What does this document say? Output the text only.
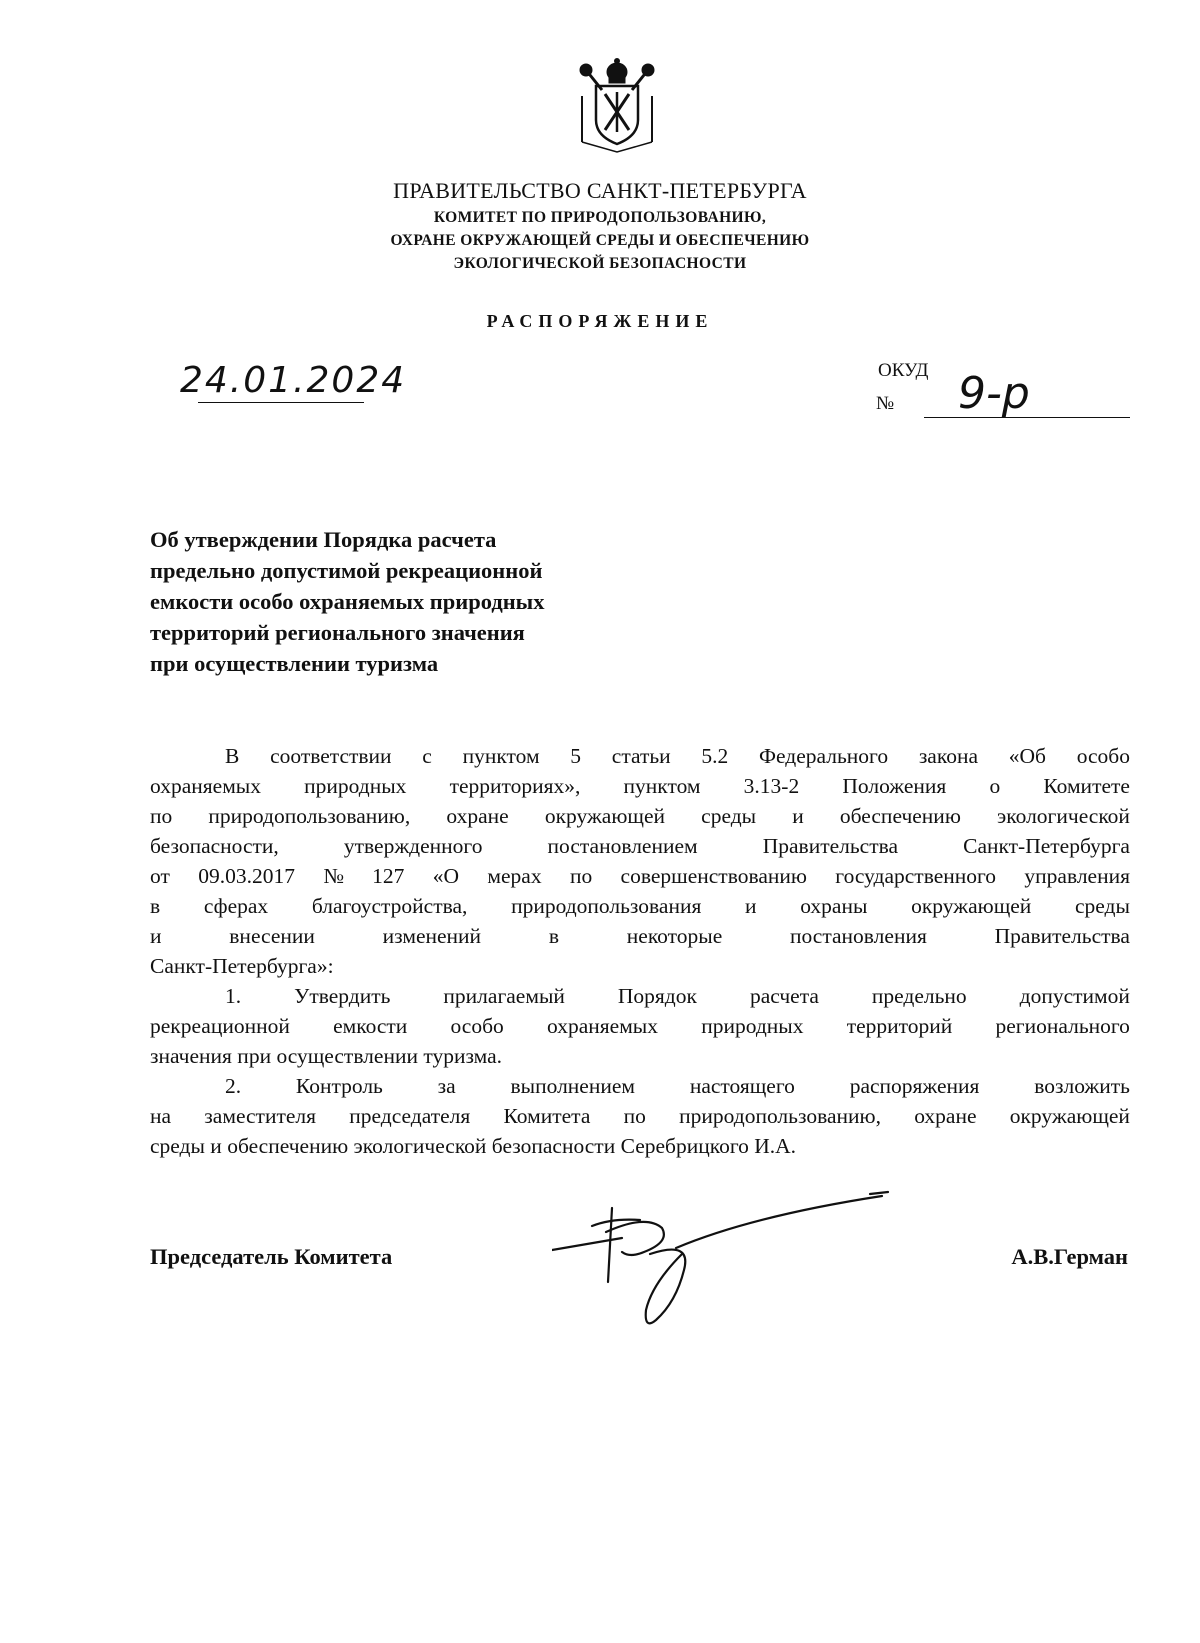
ПРАВИТЕЛЬСТВО САНКТ-ПЕТЕРБУРГА
КОМИТЕТ ПО ПРИРОДОПОЛЬЗОВАНИЮ,
ОХРАНЕ ОКРУЖАЮЩЕЙ СРЕДЫ И ОБЕСПЕЧЕНИЮ
ЭКОЛОГИЧЕСКОЙ БЕЗОПАСНОСТИ
РАСПОРЯЖЕНИЕ
24.01.2024	ОКУД
№ 9-р
Об утверждении Порядка расчета
предельно допустимой рекреационной
емкости особо охраняемых природных
территорий регионального значения
при осуществлении туризма
В соответствии с пунктом 5 статьи 5.2 Федерального закона «Об особо
охраняемых природных территориях», пунктом 3.13-2 Положения о Комитете
по природопользованию, охране окружающей среды и обеспечению экологической
безопасности,	утвержденного	постановлением	Правительства	Санкт-Петербурга
от 09.03.2017 № 127 «О мерах по совершенствованию государственного управления
в сферах благоустройства, природопользования и охраны окружающей среды
и	внесении	изменений	в	некоторые	постановления	Правительства
Санкт-Петербурга»:
1. Утвердить прилагаемый Порядок расчета предельно допустимой
рекреационной емкости особо охраняемых природных территорий регионального
значения при осуществлении туризма.
2.	Контроль	за	выполнением	настоящего	распоряжения	возложить
на заместителя председателя Комитета по природопользованию, охране окружающей
среды и обеспечению экологической безопасности Серебрицкого И.А.
Председатель Комитета	А.В.Герман
